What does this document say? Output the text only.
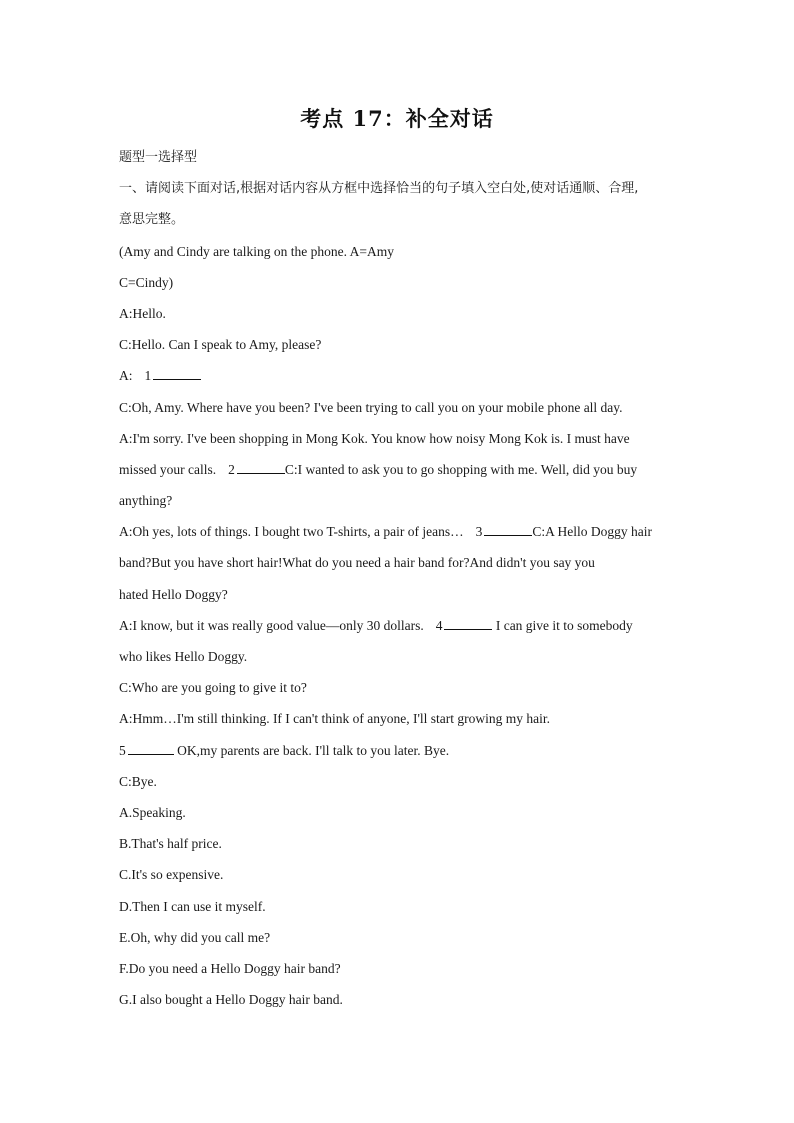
考点 17：补全对话
题型一选择型
一、请阅读下面对话,根据对话内容从方框中选择恰当的句子填入空白处,使对话通顺、合理,
意思完整。
(Amy and Cindy are talking on the phone. A=Amy
C=Cindy)
A:Hello.
C:Hello. Can I speak to Amy, please?
A: 1
C:Oh, Amy. Where have you been? I've been trying to call you on your mobile phone all day.
A:I'm sorry. I've been shopping in Mong Kok. You know how noisy Mong Kok is. I must have
missed your calls. 2	C:I wanted to ask you to go shopping with me. Well, did you buy
anything?
A:Oh yes, lots of things. I bought two T-shirts, a pair of jeans… 3	C:A Hello Doggy hair
band?But you have short hair!What do you need a hair band for?And didn't you say you
hated Hello Doggy?
A:I know, but it was really good value—only 30 dollars. 4	I can give it to somebody
who likes Hello Doggy.
C:Who are you going to give it to?
A:Hmm…I'm still thinking. If I can't think of anyone, I'll start growing my hair.
5	OK,my parents are back. I'll talk to you later. Bye.
C:Bye.
A.Speaking.
B.That's half price.
C.It's so expensive.
D.Then I can use it myself.
E.Oh, why did you call me?
F.Do you need a Hello Doggy hair band?
G.I also bought a Hello Doggy hair band.
